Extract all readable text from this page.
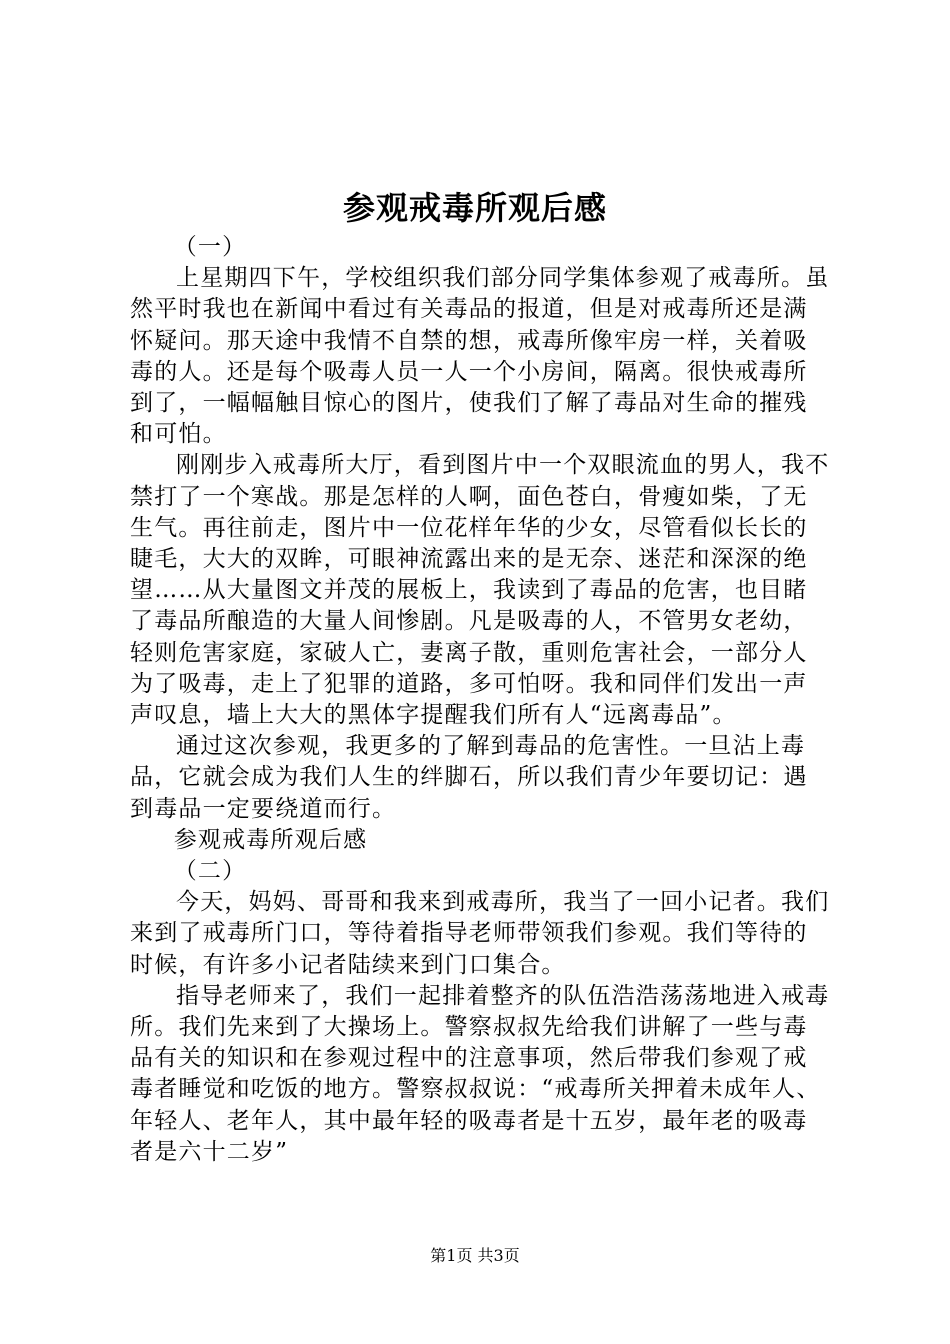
参观戒毒所观后感

（一）

上星期四下午，学校组织我们部分同学集体参观了戒毒所。虽然平时我也在新闻中看过有关毒品的报道，但是对戒毒所还是满怀疑问。那天途中我情不自禁的想，戒毒所像牢房一样，关着吸毒的人。还是每个吸毒人员一人一个小房间，隔离。很快戒毒所到了，一幅幅触目惊心的图片，使我们了解了毒品对生命的摧残和可怕。

刚刚步入戒毒所大厅，看到图片中一个双眼流血的男人，我不禁打了一个寒战。那是怎样的人啊，面色苍白，骨瘦如柴，了无生气。再往前走，图片中一位花样年华的少女，尽管看似长长的睫毛，大大的双眸，可眼神流露出来的是无奈、迷茫和深深的绝望……从大量图文并茂的展板上，我读到了毒品的危害，也目睹了毒品所酿造的大量人间惨剧。凡是吸毒的人，不管男女老幼，轻则危害家庭，家破人亡，妻离子散，重则危害社会，一部分人为了吸毒，走上了犯罪的道路，多可怕呀。我和同伴们发出一声声叹息，墙上大大的黑体字提醒我们所有人“远离毒品”。

通过这次参观，我更多的了解到毒品的危害性。一旦沾上毒品，它就会成为我们人生的绊脚石，所以我们青少年要切记：遇到毒品一定要绕道而行。

参观戒毒所观后感

（二）

今天，妈妈、哥哥和我来到戒毒所，我当了一回小记者。我们来到了戒毒所门口，等待着指导老师带领我们参观。我们等待的时候，有许多小记者陆续来到门口集合。

指导老师来了，我们一起排着整齐的队伍浩浩荡荡地进入戒毒所。我们先来到了大操场上。警察叔叔先给我们讲解了一些与毒品有关的知识和在参观过程中的注意事项，然后带我们参观了戒毒者睡觉和吃饭的地方。警察叔叔说：“戒毒所关押着未成年人、年轻人、老年人，其中最年轻的吸毒者是十五岁，最年老的吸毒者是六十二岁”

第1页 共3页
